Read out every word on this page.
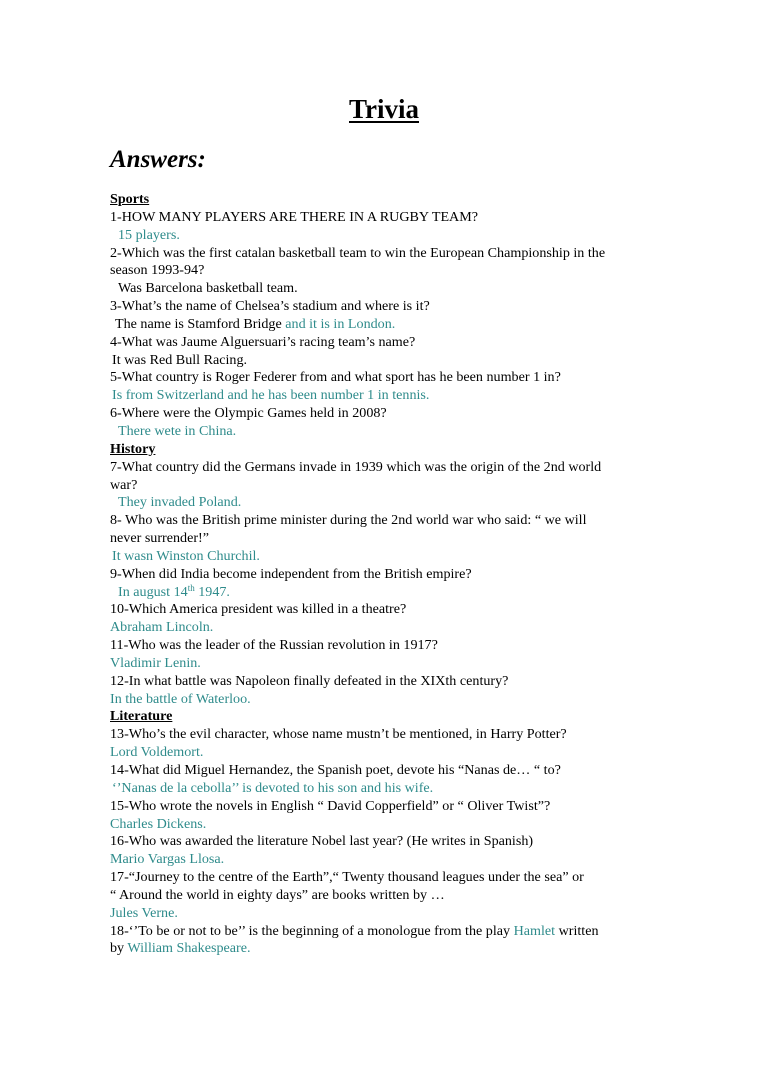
Trivia
Answers:
Sports
1-HOW MANY PLAYERS ARE THERE IN A RUGBY TEAM?
15 players.
2-Which was the first catalan basketball team to win the European Championship in the
season 1993-94?
Was Barcelona basketball team.
3-What’s the name of Chelsea’s stadium and where is it?
The name is Stamford Bridge and it is in London.
4-What was Jaume Alguersuari’s racing team’s name?
It was Red Bull Racing.
5-What country is Roger Federer from and what sport has he been number 1 in?
Is from Switzerland and he has been number 1 in tennis.
6-Where were the Olympic Games held in 2008?
There wete in China.
History
7-What country did the Germans invade in 1939 which was the origin of the 2nd world
war?
They invaded Poland.
8- Who was the British prime minister during the 2nd world war who said: “ we will
never surrender!”
It wasn Winston Churchil.
9-When did India become independent from the British empire?
In august 14th 1947.
10-Which America president was killed in a theatre?
Abraham Lincoln.
11-Who was the leader of the Russian revolution in 1917?
Vladimir Lenin.
12-In what battle was Napoleon finally defeated in the XIXth century?
In the battle of Waterloo.
Literature
13-Who’s the evil character, whose name mustn’t be mentioned, in Harry Potter?
Lord Voldemort.
14-What did Miguel Hernandez, the Spanish poet, devote his “Nanas de… “ to?
‘’Nanas de la cebolla’’ is devoted to his son and his wife.
15-Who wrote the novels in English “ David Copperfield” or “ Oliver Twist”?
Charles Dickens.
16-Who was awarded the literature Nobel last year? (He writes in Spanish)
Mario Vargas Llosa.
17-“Journey to the centre of the Earth”,“ Twenty thousand leagues under the sea” or
“ Around the world in eighty days” are books written by …
Jules Verne.
18-‘’To be or not to be’’ is the beginning of a monologue from the play Hamlet written
by William Shakespeare.
